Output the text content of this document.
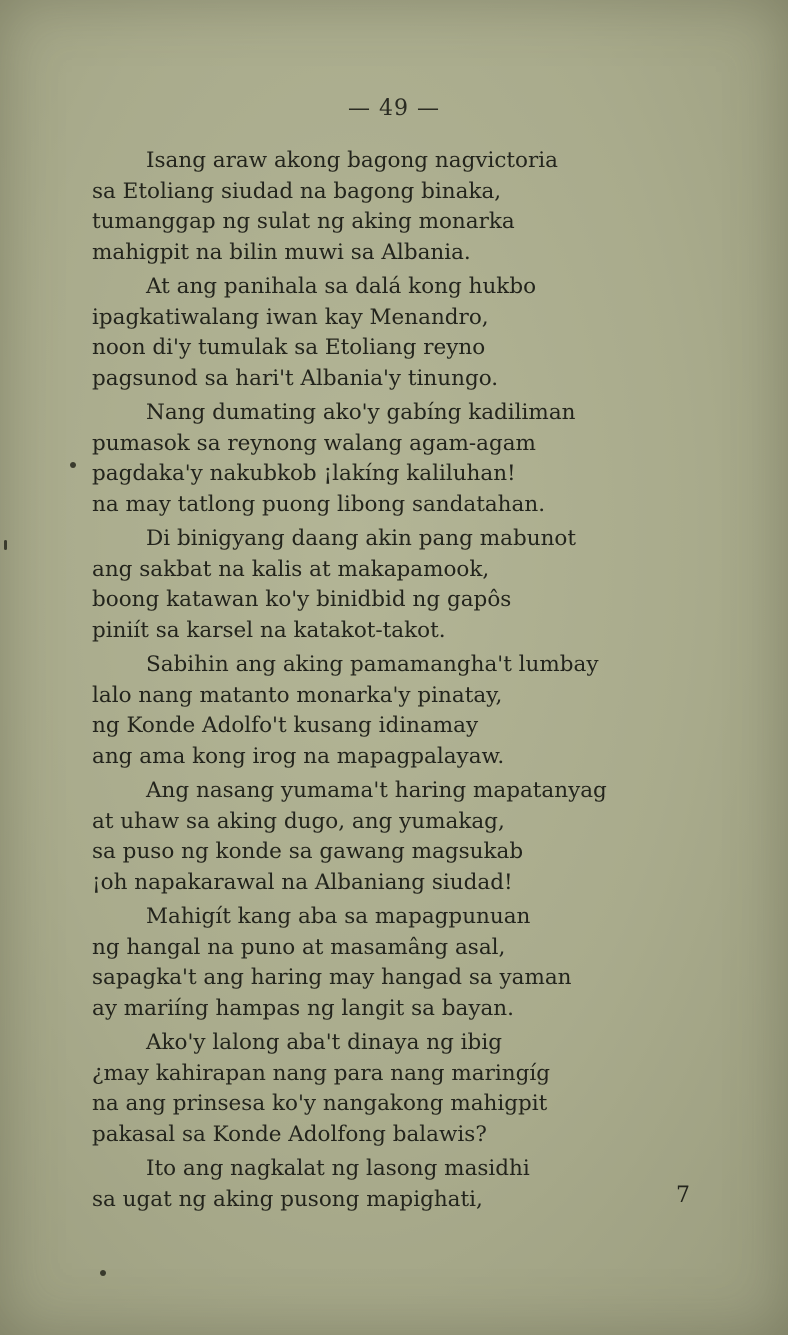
— 49 —
Isang araw akong bagong nagvictoria
sa Etoliang siudad na bagong binaka,
tumanggap ng sulat ng aking monarka
mahigpit na bilin muwi sa Albania.
At ang panihala sa dalá kong hukbo
ipagkatiwalang iwan kay Menandro,
noon di'y tumulak sa Etoliang reyno
pagsunod sa hari't Albania'y tinungo.
Nang dumating ako'y gabíng kadiliman
pumasok sa reynong walang agam-agam
pagdaka'y nakubkob ¡lakíng kaliluhan!
na may tatlong puong libong sandatahan.
Di binigyang daang akin pang mabunot
ang sakbat na kalis at makapamook,
boong katawan ko'y binidbid ng gapôs
piniít sa karsel na katakot-takot.
Sabihin ang aking pamamangha't lumbay
lalo nang matanto monarka'y pinatay,
ng Konde Adolfo't kusang idinamay
ang ama kong irog na mapagpalayaw.
Ang nasang yumama't haring mapatanyag
at uhaw sa aking dugo, ang yumakag,
sa puso ng konde sa gawang magsukab
¡oh napakarawal na Albaniang siudad!
Mahigít kang aba sa mapagpunuan
ng hangal na puno at masamâng asal,
sapagka't ang haring may hangad sa yaman
ay mariíng hampas ng langit sa bayan.
Ako'y lalong aba't dinaya ng ibig
¿may kahirapan nang para nang maringíg
na ang prinsesa ko'y nangakong mahigpit
pakasal sa Konde Adolfong balawis?
Ito ang nagkalat ng lasong masidhi
sa ugat ng aking pusong mapighati,	7
